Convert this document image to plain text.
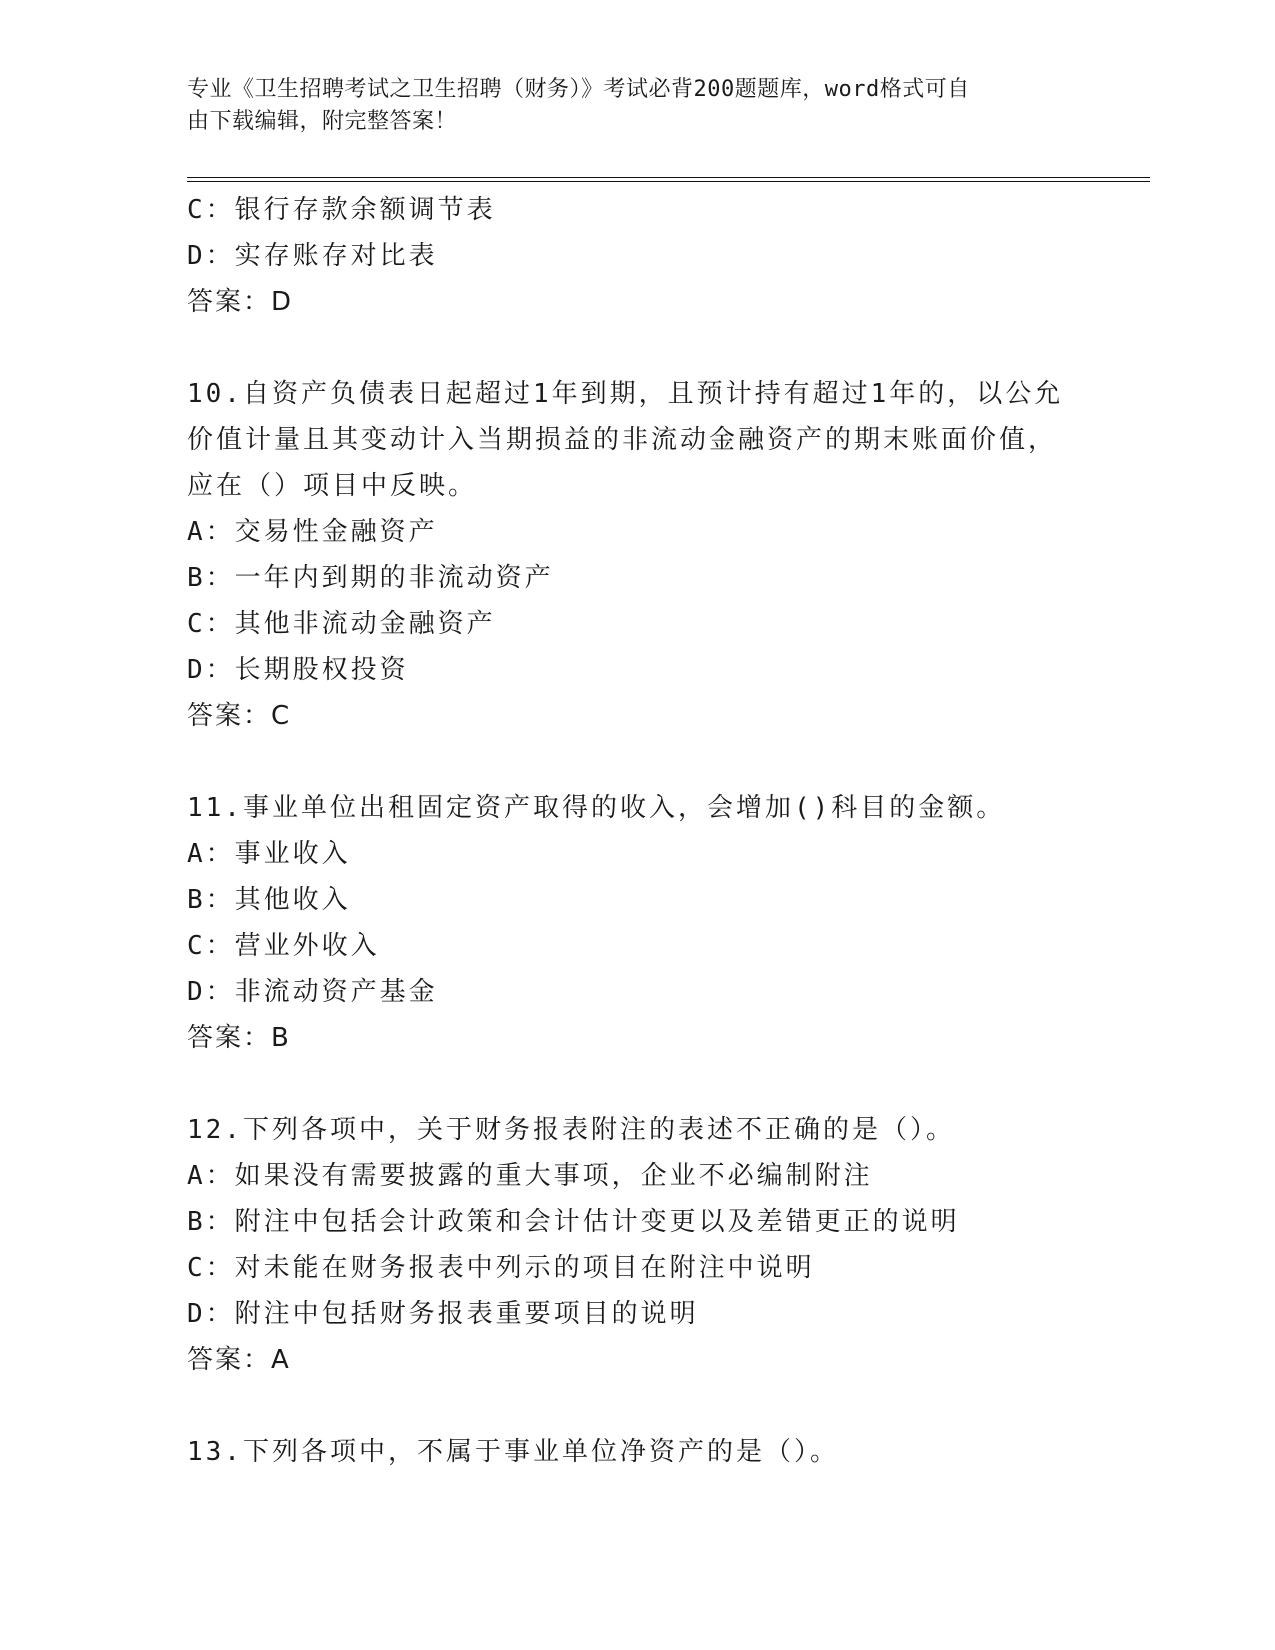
专业《卫生招聘考试之卫生招聘（财务）》考试必背200题题库，word格式可自
由下载编辑，附完整答案！
C：银行存款余额调节表
D：实存账存对比表
答案：D
10.自资产负债表日起超过1年到期，且预计持有超过1年的，以公允
价值计量且其变动计入当期损益的非流动金融资产的期末账面价值，
应在（）项目中反映。
A：交易性金融资产
B：一年内到期的非流动资产
C：其他非流动金融资产
D：长期股权投资
答案：C
11.事业单位出租固定资产取得的收入，会增加()科目的金额。
A：事业收入
B：其他收入
C：营业外收入
D：非流动资产基金
答案：B
12.下列各项中，关于财务报表附注的表述不正确的是（）。
A：如果没有需要披露的重大事项，企业不必编制附注
B：附注中包括会计政策和会计估计变更以及差错更正的说明
C：对未能在财务报表中列示的项目在附注中说明
D：附注中包括财务报表重要项目的说明
答案：A
13.下列各项中，不属于事业单位净资产的是（）。
